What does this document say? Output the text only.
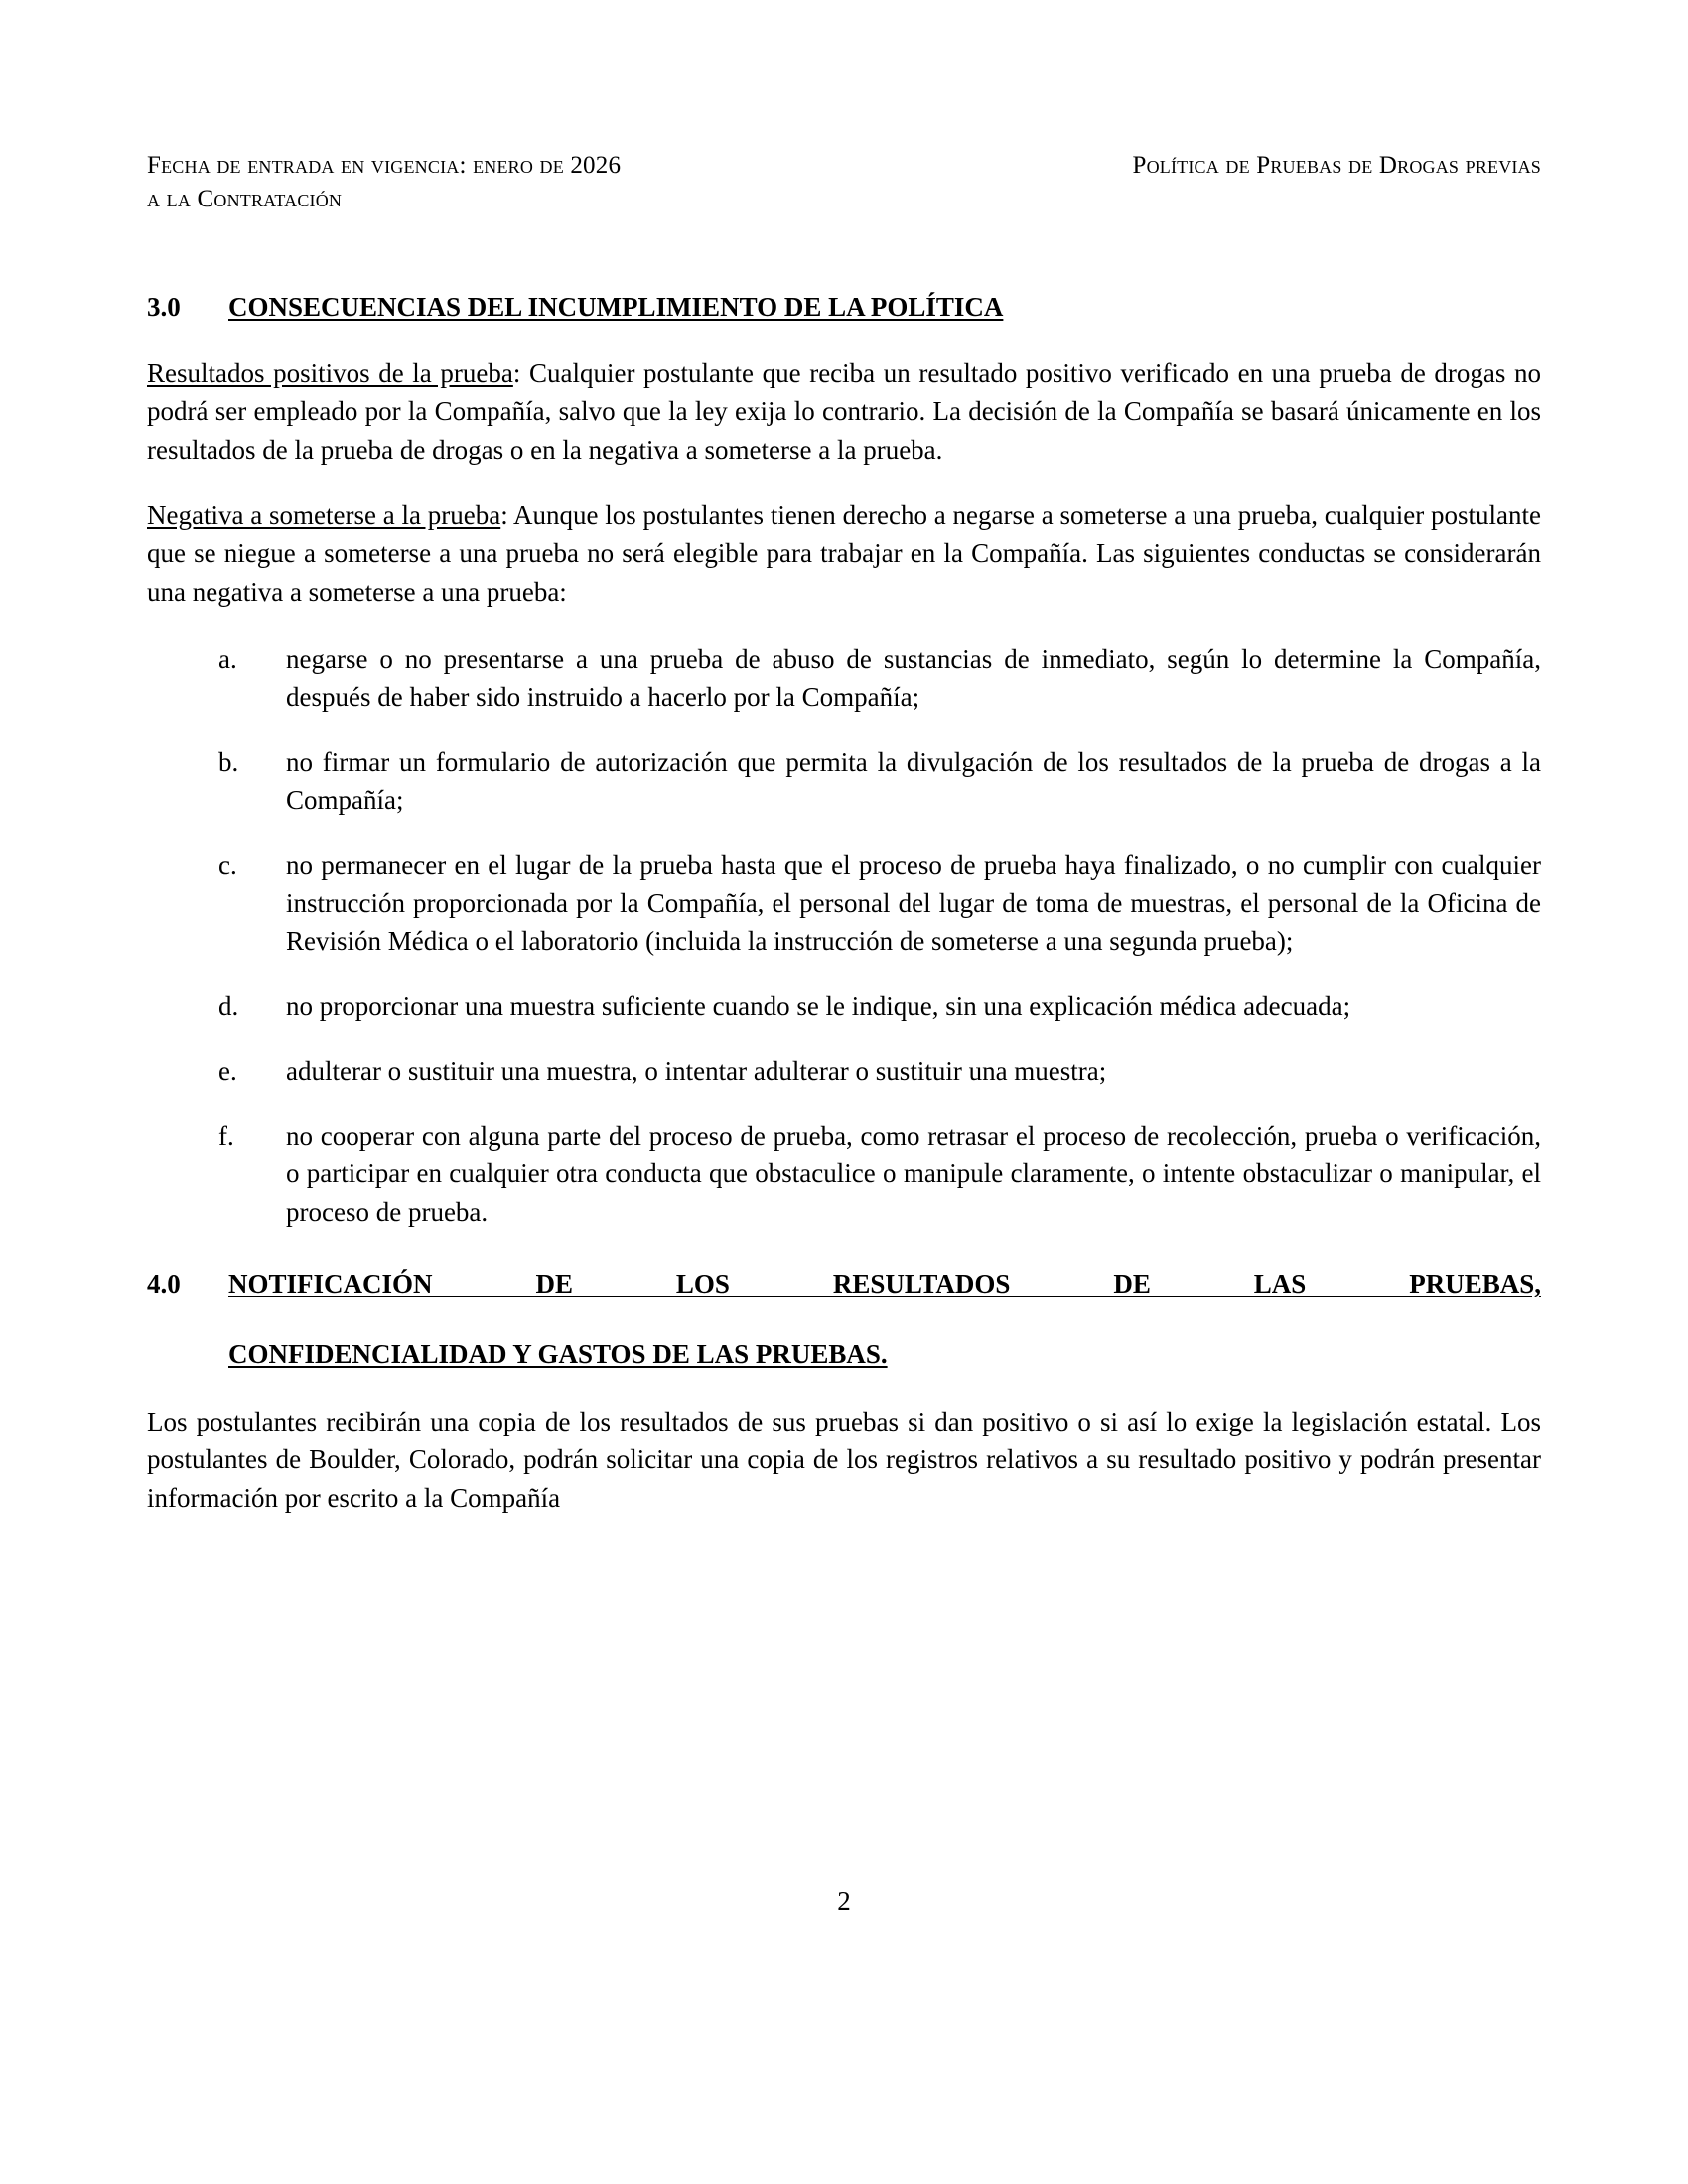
Fecha de entrada en vigencia: enero de 2026
a la Contratación
Política de Pruebas de Drogas previas
3.0	CONSECUENCIAS DEL INCUMPLIMIENTO DE LA POLÍTICA

Resultados positivos de la prueba: Cualquier postulante que reciba un resultado positivo verificado en una prueba de drogas no podrá ser empleado por la Compañía, salvo que la ley exija lo contrario. La decisión de la Compañía se basará únicamente en los resultados de la prueba de drogas o en la negativa a someterse a la prueba.

Negativa a someterse a la prueba: Aunque los postulantes tienen derecho a negarse a someterse a una prueba, cualquier postulante que se niegue a someterse a una prueba no será elegible para trabajar en la Compañía. Las siguientes conductas se considerarán una negativa a someterse a una prueba:

a.	negarse o no presentarse a una prueba de abuso de sustancias de inmediato, según lo determine la Compañía, después de haber sido instruido a hacerlo por la Compañía;
b.	no firmar un formulario de autorización que permita la divulgación de los resultados de la prueba de drogas a la Compañía;
c.	no permanecer en el lugar de la prueba hasta que el proceso de prueba haya finalizado, o no cumplir con cualquier instrucción proporcionada por la Compañía, el personal del lugar de toma de muestras, el personal de la Oficina de Revisión Médica o el laboratorio (incluida la instrucción de someterse a una segunda prueba);
d.	no proporcionar una muestra suficiente cuando se le indique, sin una explicación médica adecuada;
e.	adulterar o sustituir una muestra, o intentar adulterar o sustituir una muestra;
f.	no cooperar con alguna parte del proceso de prueba, como retrasar el proceso de recolección, prueba o verificación, o participar en cualquier otra conducta que obstaculice o manipule claramente, o intente obstaculizar o manipular, el proceso de prueba.
4.0	NOTIFICACIÓN DE LOS RESULTADOS DE LAS PRUEBAS,
CONFIDENCIALIDAD Y GASTOS DE LAS PRUEBAS.

Los postulantes recibirán una copia de los resultados de sus pruebas si dan positivo o si así lo exige la legislación estatal. Los postulantes de Boulder, Colorado, podrán solicitar una copia de los registros relativos a su resultado positivo y podrán presentar información por escrito a la Compañía

2
